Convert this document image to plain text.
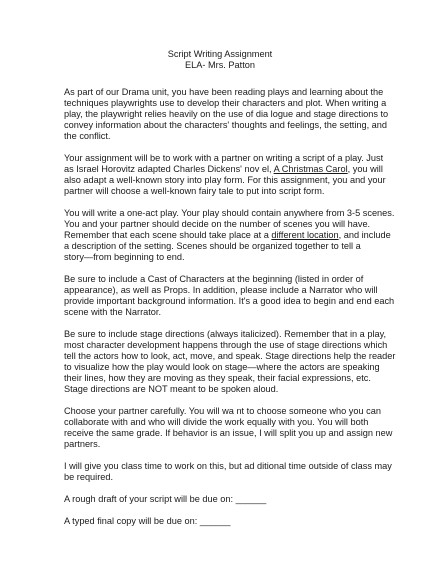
Script Writing Assignment
ELA- Mrs. Patton
As part of our Drama unit, you have been reading plays and learning about the
techniques playwrights use to develop their characters and plot. When writing a
play, the playwright relies heavily on the use of dia logue and stage directions to
convey information about the characters' thoughts and feelings, the setting, and
the conflict.
Your assignment will be to work with a partner on writing a script of a play. Just
as Israel Horovitz adapted Charles Dickens' nov el, A Christmas Carol, you will
also adapt a well-known story into play form. For this assignment, you and your
partner will choose a well-known fairy tale to put into script form.
You will write a one-act play. Your play should contain anywhere from 3-5 scenes.
You and your partner should decide on the number of scenes you will have.
Remember that each scene should take place at a different location, and include
a description of the setting. Scenes should be organized together to tell a
story—from beginning to end.
Be sure to include a Cast of Characters at the beginning (listed in order of
appearance), as well as Props. In addition, please include a Narrator who will
provide important background information. It's a good idea to begin and end each
scene with the Narrator.
Be sure to include stage directions (always italicized). Remember that in a play,
most character development happens through the use of stage directions which
tell the actors how to look, act, move, and speak. Stage directions help the reader
to visualize how the play would look on stage—where the actors are speaking
their lines, how they are moving as they speak, their facial expressions, etc.
Stage directions are NOT meant to be spoken aloud.
Choose your partner carefully. You will wa nt to choose someone who you can
collaborate with and who will divide the work equally with you. You will both
receive the same grade. If behavior is an issue, I will split you up and assign new
partners.
I will give you class time to work on this, but ad ditional time outside of class may
be required.
A rough draft of your script will be due on: ______
A typed final copy will be due on: ______
